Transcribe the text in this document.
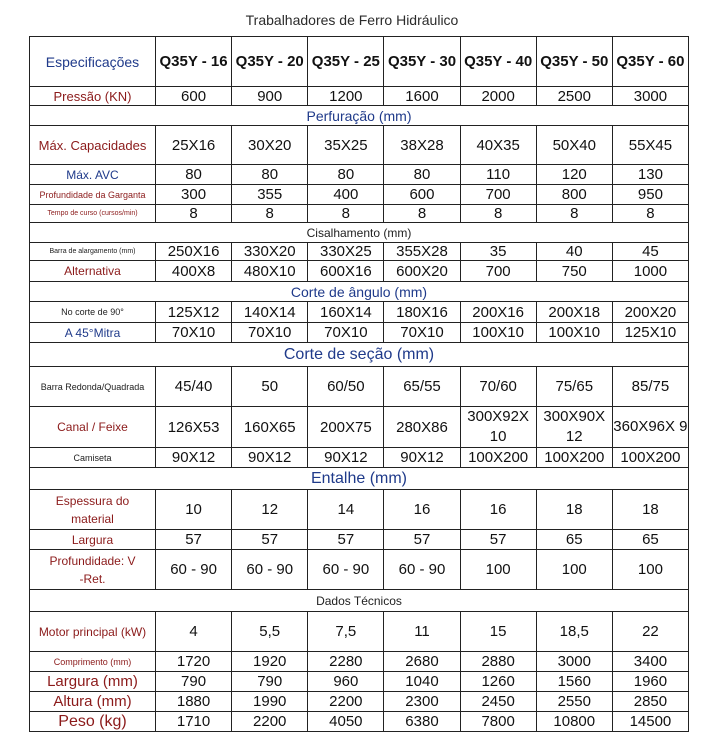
Trabalhadores de Ferro Hidráulico
Especificações	Q35Y - 16	Q35Y - 20	Q35Y - 25	Q35Y - 30	Q35Y - 40	Q35Y - 50	Q35Y - 60
Pressão (KN)	600	900	1200	1600	2000	2500	3000
Perfuração (mm)							
Máx. Capacidades	25X16	30X20	35X25	38X28	40X35	50X40	55X45
Máx. AVC	80	80	80	80	110	120	130
Profundidade da Garganta	300	355	400	600	700	800	950
Tempo de curso (cursos/min)	8	8	8	8	8	8	8
Cisalhamento (mm)							
Barra de alargamento (mm)	250X16	330X20	330X25	355X28	35	40	45
Alternativa	400X8	480X10	600X16	600X20	700	750	1000
Corte de ângulo (mm)							
No corte de 90°	125X12	140X14	160X14	180X16	200X16	200X18	200X20
A 45°Mitra	70X10	70X10	70X10	70X10	100X10	100X10	125X10
Corte de seção (mm)							
Barra Redonda/Quadrada	45/40	50	60/50	65/55	70/60	75/65	85/75
Canal / Feixe	126X53	160X65	200X75	280X86	300X92X 10	300X90X 12	360X96X 9
Camiseta	90X12	90X12	90X12	90X12	100X200	100X200	100X200
Entalhe (mm)							
Espessura do material	10	12	14	16	16	18	18
Largura	57	57	57	57	57	65	65
Profundidade: V -Ret.	60 - 90	60 - 90	60 - 90	60 - 90	100	100	100
Dados Técnicos							
Motor principal (kW)	4	5,5	7,5	11	15	18,5	22
Comprimento (mm)	1720	1920	2280	2680	2880	3000	3400
Largura (mm)	790	790	960	1040	1260	1560	1960
Altura (mm)	1880	1990	2200	2300	2450	2550	2850
Peso (kg)	1710	2200	4050	6380	7800	10800	14500
